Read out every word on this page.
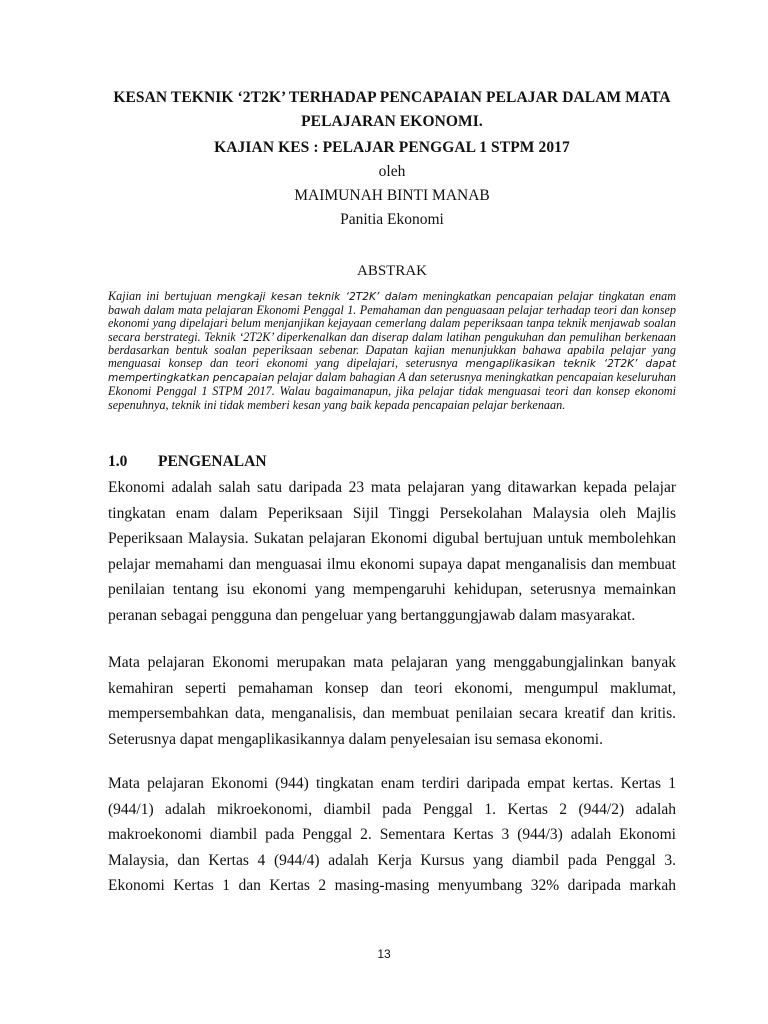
KESAN TEKNIK ‘2T2K’ TERHADAP PENCAPAIAN PELAJAR DALAM MATA
PELAJARAN EKONOMI.
KAJIAN KES : PELAJAR PENGGAL 1 STPM 2017
oleh
MAIMUNAH BINTI MANAB
Panitia Ekonomi
ABSTRAK
Kajian ini bertujuan mengkaji kesan teknik ‘2T2K’ dalam meningkatkan pencapaian pelajar tingkatan enam bawah dalam mata pelajaran Ekonomi Penggal 1. Pemahaman dan penguasaan pelajar terhadap teori dan konsep ekonomi yang dipelajari belum menjanjikan kejayaan cemerlang dalam peperiksaan tanpa teknik menjawab soalan secara berstrategi. Teknik ‘2T2K’ diperkenalkan dan diserap dalam latihan pengukuhan dan pemulihan berkenaan berdasarkan bentuk soalan peperiksaan sebenar. Dapatan kajian menunjukkan bahawa apabila pelajar yang menguasai konsep dan teori ekonomi yang dipelajari, seterusnya mengaplikasikan teknik ‘2T2K’ dapat mempertingkatkan pencapaian pelajar dalam bahagian A dan seterusnya meningkatkan pencapaian keseluruhan Ekonomi Penggal 1 STPM 2017. Walau bagaimanapun, jika pelajar tidak menguasai teori dan konsep ekonomi sepenuhnya, teknik ini tidak memberi kesan yang baik kepada pencapaian pelajar berkenaan.
1.0 PENGENALAN
Ekonomi adalah salah satu daripada 23 mata pelajaran yang ditawarkan kepada pelajar tingkatan enam dalam Peperiksaan Sijil Tinggi Persekolahan Malaysia oleh Majlis Peperiksaan Malaysia. Sukatan pelajaran Ekonomi digubal bertujuan untuk membolehkan pelajar memahami dan menguasai ilmu ekonomi supaya dapat menganalisis dan membuat penilaian tentang isu ekonomi yang mempengaruhi kehidupan, seterusnya memainkan peranan sebagai pengguna dan pengeluar yang bertanggungjawab dalam masyarakat.
Mata pelajaran Ekonomi merupakan mata pelajaran yang menggabungjalinkan banyak kemahiran seperti pemahaman konsep dan teori ekonomi, mengumpul maklumat, mempersembahkan data, menganalisis, dan membuat penilaian secara kreatif dan kritis. Seterusnya dapat mengaplikasikannya dalam penyelesaian isu semasa ekonomi.
Mata pelajaran Ekonomi (944) tingkatan enam terdiri daripada empat kertas. Kertas 1 (944/1) adalah mikroekonomi, diambil pada Penggal 1. Kertas 2 (944/2) adalah makroekonomi diambil pada Penggal 2. Sementara Kertas 3 (944/3) adalah Ekonomi Malaysia, dan Kertas 4 (944/4) adalah Kerja Kursus yang diambil pada Penggal 3. Ekonomi Kertas 1 dan Kertas 2 masing-masing menyumbang 32% daripada markah
13
